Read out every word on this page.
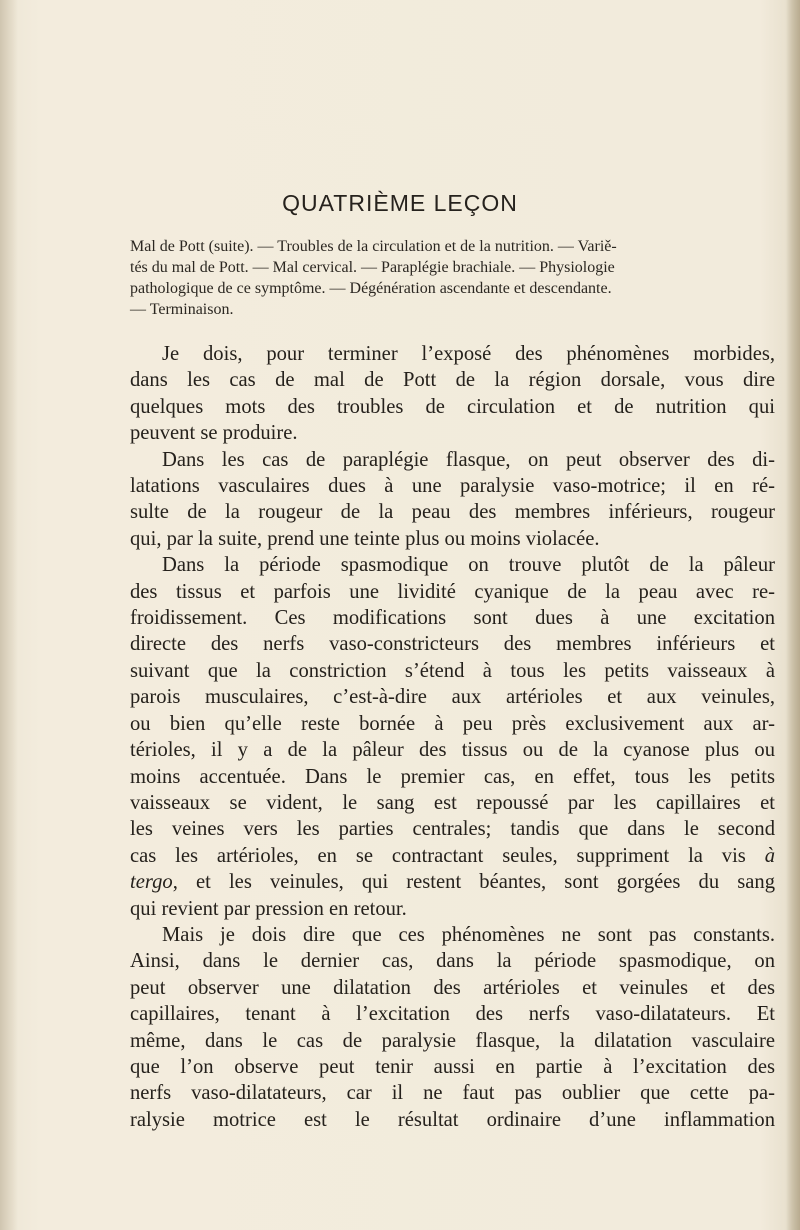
QUATRIÈME LEÇON
Mal de Pott (suite). — Troubles de la circulation et de la nutrition. — Variě-
tés du mal de Pott. — Mal cervical. — Paraplégie brachiale. — Physiologie
pathologique de ce symptôme. — Dégénération ascendante et descendante.
— Terminaison.
Je dois, pour terminer l’exposé des phénomènes morbides,
dans les cas de mal de Pott de la région dorsale, vous dire
quelques mots des troubles de circulation et de nutrition qui
peuvent se produire.
Dans les cas de paraplégie flasque, on peut observer des di-
latations vasculaires dues à une paralysie vaso-motrice; il en ré-
sulte de la rougeur de la peau des membres inférieurs, rougeur
qui, par la suite, prend une teinte plus ou moins violacée.
Dans la période spasmodique on trouve plutôt de la pâleur
des tissus et parfois une lividité cyanique de la peau avec re-
froidissement. Ces modifications sont dues à une excitation
directe des nerfs vaso-constricteurs des membres inférieurs et
suivant que la constriction s’étend à tous les petits vaisseaux à
parois musculaires, c’est-à-dire aux artérioles et aux veinules,
ou bien qu’elle reste bornée à peu près exclusivement aux ar-
térioles, il y a de la pâleur des tissus ou de la cyanose plus ou
moins accentuée. Dans le premier cas, en effet, tous les petits
vaisseaux se vident, le sang est repoussé par les capillaires et
les veines vers les parties centrales; tandis que dans le second
cas les artérioles, en se contractant seules, suppriment la vis à
tergo, et les veinules, qui restent béantes, sont gorgées du sang
qui revient par pression en retour.
Mais je dois dire que ces phénomènes ne sont pas constants.
Ainsi, dans le dernier cas, dans la période spasmodique, on
peut observer une dilatation des artérioles et veinules et des
capillaires, tenant à l’excitation des nerfs vaso-dilatateurs. Et
même, dans le cas de paralysie flasque, la dilatation vasculaire
que l’on observe peut tenir aussi en partie à l’excitation des
nerfs vaso-dilatateurs, car il ne faut pas oublier que cette pa-
ralysie motrice est le résultat ordinaire d’une inflammation
